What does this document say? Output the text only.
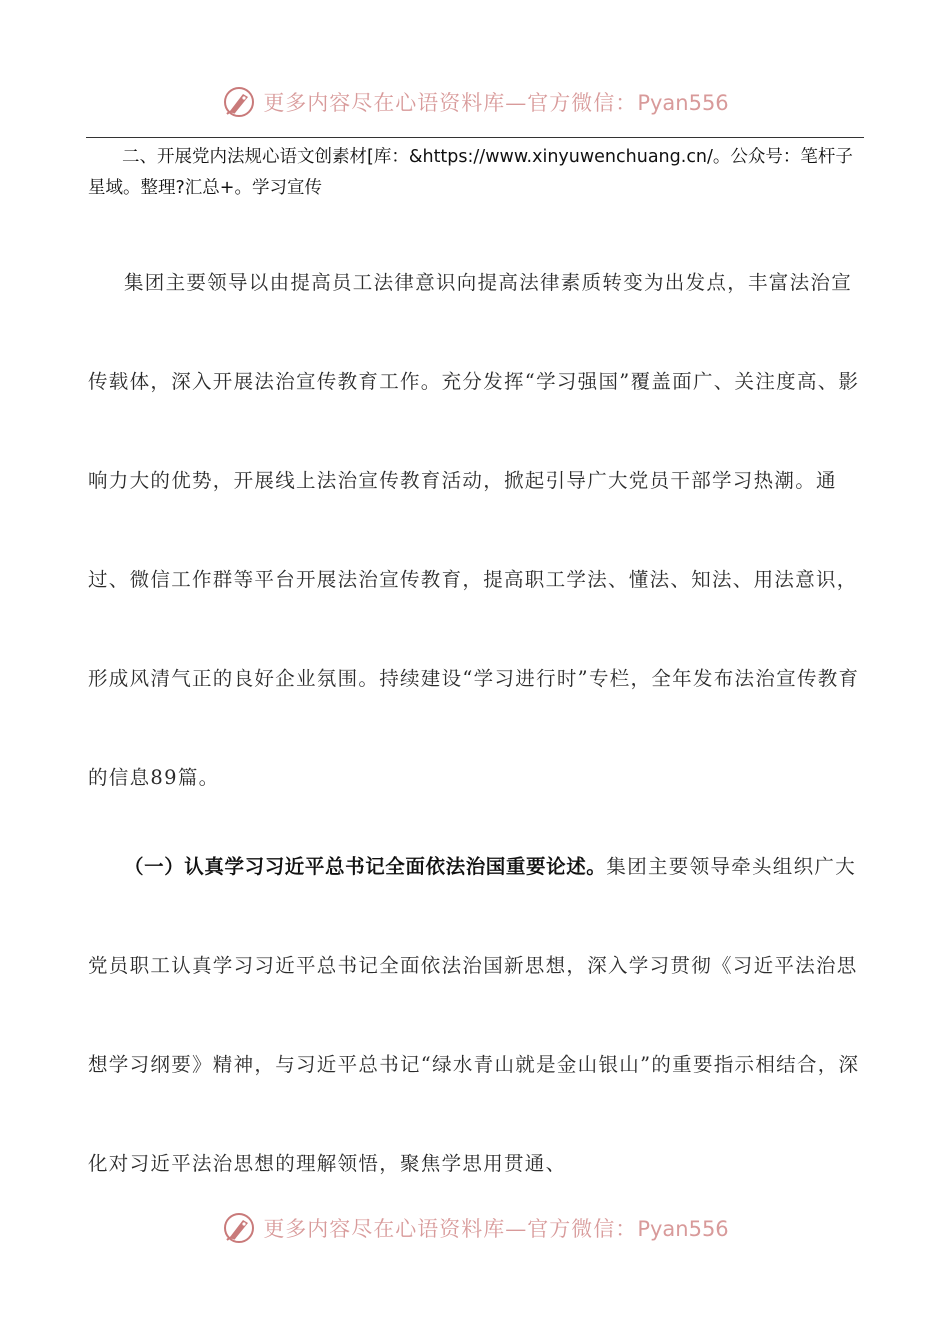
更多内容尽在心语资料库—官方微信：Pyan556
二、开展党内法规心语文创素材[库：&https://www.xinyuwenchuang.cn/。公众号：笔杆子星域。整理?汇总+。学习宣传
集团主要领导以由提高员工法律意识向提高法律素质转变为出发点，丰富法治宣传载体，深入开展法治宣传教育工作。充分发挥“学习强国”覆盖面广、关注度高、影响力大的优势，开展线上法治宣传教育活动，掀起引导广大党员干部学习热潮。通过、微信工作群等平台开展法治宣传教育，提高职工学法、懂法、知法、用法意识，形成风清气正的良好企业氛围。持续建设“学习进行时”专栏，全年发布法治宣传教育的信息89篇。
（一）认真学习习近平总书记全面依法治国重要论述。集团主要领导牵头组织广大党员职工认真学习习近平总书记全面依法治国新思想，深入学习贯彻《习近平法治思想学习纲要》精神，与习近平总书记“绿水青山就是金山银山”的重要指示相结合，深化对习近平法治思想的理解领悟，聚焦学思用贯通、
更多内容尽在心语资料库—官方微信：Pyan556
